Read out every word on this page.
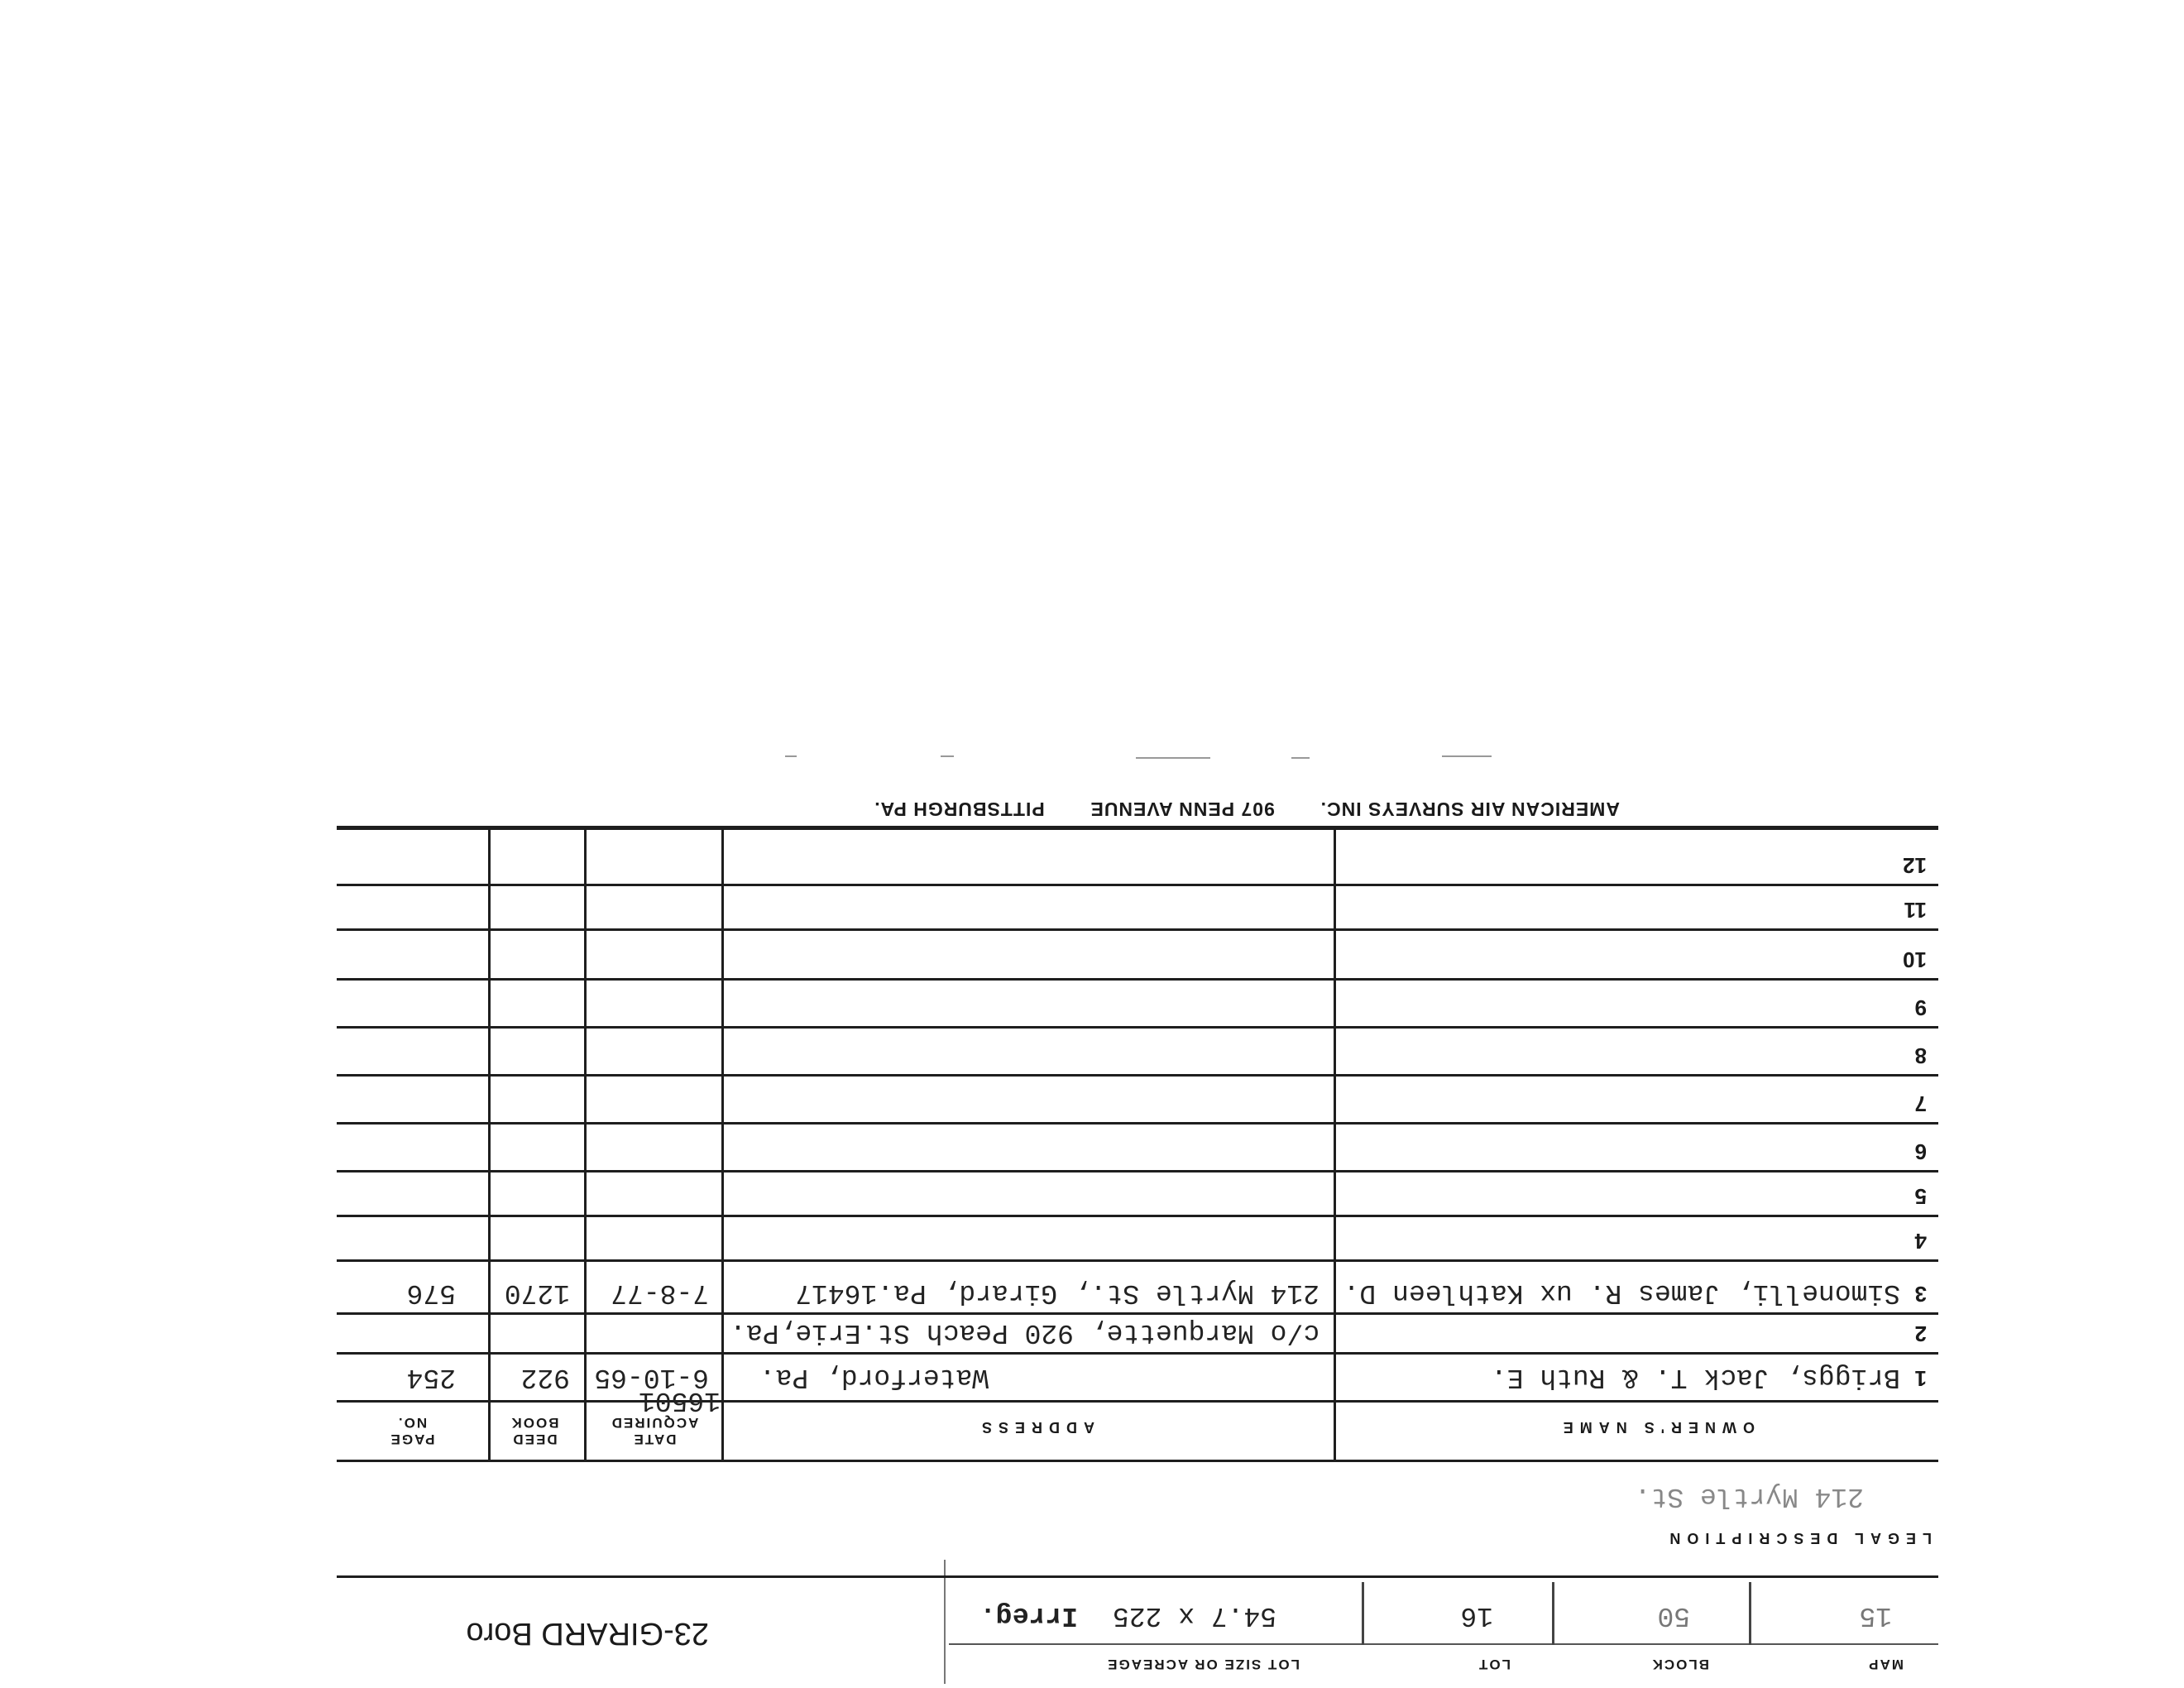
MAP
BLOCK
LOT
LOT SIZE OR ACREAGE
15
50
16
54.7 x 225
Irreg.
23-GIRARD Boro
LEGAL DESCRIPTION
214 Myrtle St.
OWNER'S NAME
ADDRESS
DATE
ACQUIRED
DEED
BOOK
PAGE
NO.
1
Briggs, Jack T. & Ruth E.
Waterford, Pa.
16501
6-10-65
922
254
2
c/o Marquette, 920 Peach St.Erie,Pa.
3
Simonelli, James R. ux Kathleen D.
214 Myrtle St., Girard, Pa.16417
7-8-77
1270
576
4
5
6
7
8
9
10
11
12
AMERICAN AIR SURVEYS INC.  907 PENN AVENUE  PITTSBURGH PA.
